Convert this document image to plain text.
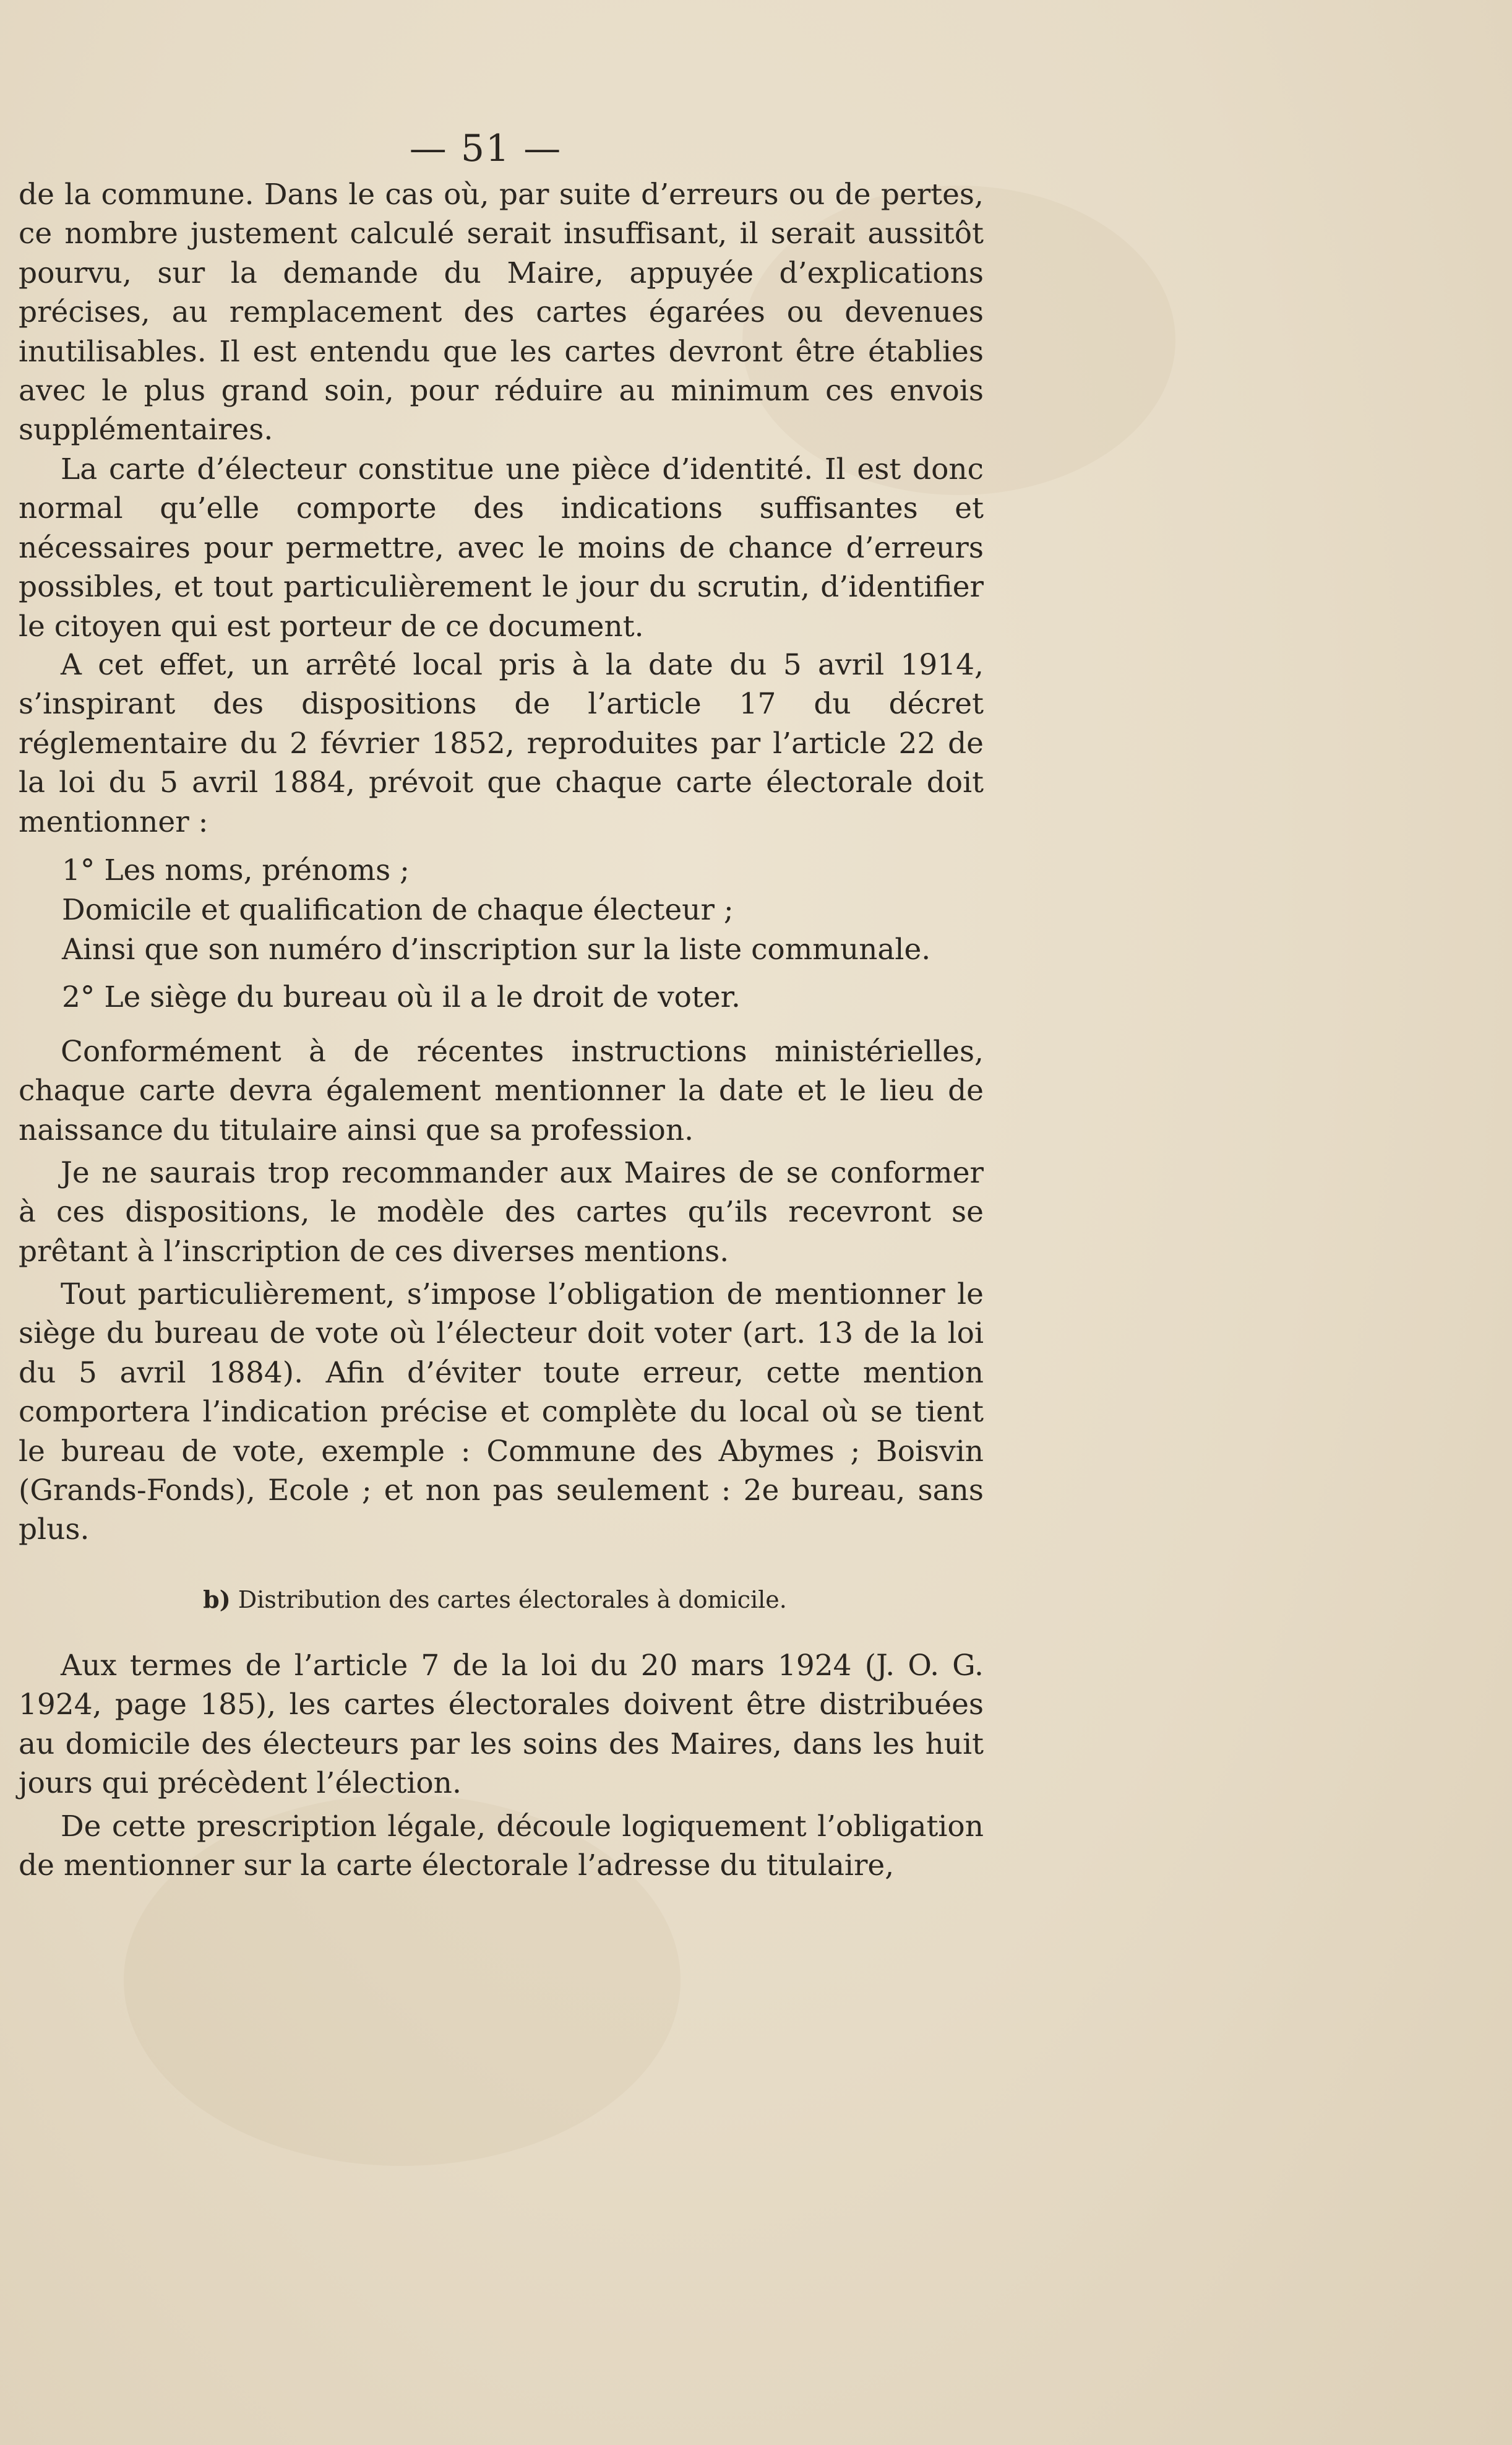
— 51 —

de la commune. Dans le cas où, par suite d’erreurs ou de pertes, ce nombre justement calculé serait insuffisant, il serait aussitôt pourvu, sur la demande du Maire, appuyée d’explications précises, au remplacement des cartes égarées ou devenues inutilisables. Il est entendu que les cartes devront être établies avec le plus grand soin, pour réduire au minimum ces envois supplémentaires.

La carte d’électeur constitue une pièce d’identité. Il est donc normal qu’elle comporte des indications suffisantes et nécessaires pour permettre, avec le moins de chance d’erreurs possibles, et tout particulièrement le jour du scrutin, d’identifier le citoyen qui est porteur de ce document.

A cet effet, un arrêté local pris à la date du 5 avril 1914, s’inspirant des dispositions de l’article 17 du décret réglementaire du 2 février 1852, reproduites par l’article 22 de la loi du 5 avril 1884, prévoit que chaque carte électorale doit mentionner :

1° Les noms, prénoms ;

Domicile et qualification de chaque électeur ;

Ainsi que son numéro d’inscription sur la liste communale.

2° Le siège du bureau où il a le droit de voter.

Conformément à de récentes instructions ministérielles, chaque carte devra également mentionner la date et le lieu de naissance du titulaire ainsi que sa profession.

Je ne saurais trop recommander aux Maires de se conformer à ces dispositions, le modèle des cartes qu’ils recevront se prêtant à l’inscription de ces diverses mentions.

Tout particulièrement, s’impose l’obligation de mentionner le siège du bureau de vote où l’électeur doit voter (art. 13 de la loi du 5 avril 1884). Afin d’éviter toute erreur, cette mention comportera l’indication précise et complète du local où se tient le bureau de vote, exemple : Commune des Abymes ; Boisvin (Grands-Fonds), Ecole ; et non pas seulement : 2e bureau, sans plus.

b) Distribution des cartes électorales à domicile.

Aux termes de l’article 7 de la loi du 20 mars 1924 (J. O. G. 1924, page 185), les cartes électorales doivent être distribuées au domicile des électeurs par les soins des Maires, dans les huit jours qui précèdent l’élection.

De cette prescription légale, découle logiquement l’obligation de mentionner sur la carte électorale l’adresse du titulaire,
